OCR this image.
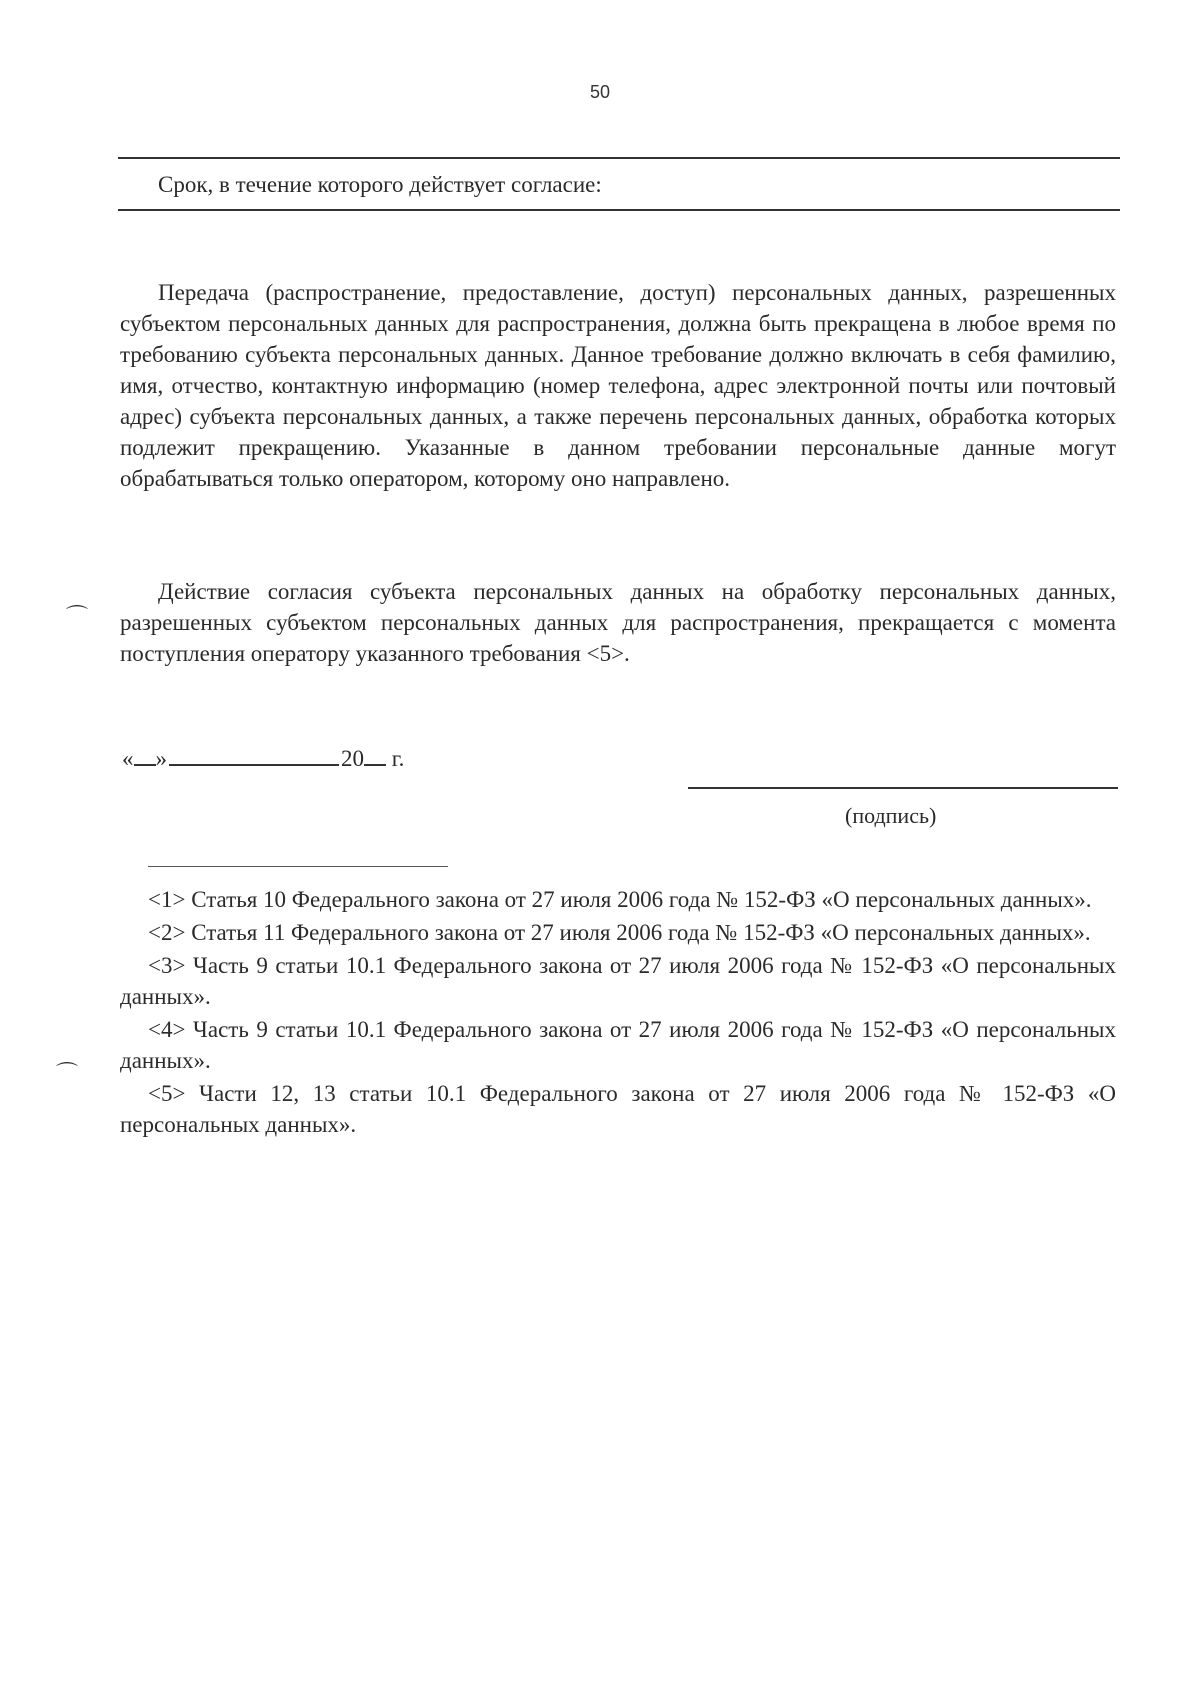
50
Срок, в течение которого действует согласие:

Передача (распространение, предоставление, доступ) персональных данных, разрешенных субъектом персональных данных для распространения, должна быть прекращена в любое время по требованию субъекта персональных данных. Данное требование должно включать в себя фамилию, имя, отчество, контактную информацию (номер телефона, адрес электронной почты или почтовый адрес) субъекта персональных данных, а также перечень персональных данных, обработка которых подлежит прекращению. Указанные в данном требовании персональные данные могут обрабатываться только оператором, которому оно направлено.

Действие согласия субъекта персональных данных на обработку персональных данных, разрешенных субъектом персональных данных для распространения, прекращается с момента поступления оператору указанного требования <5>.

⌒
⌒
« »	20 г.
(подпись)

<1> Статья 10 Федерального закона от 27 июля 2006 года № 152-ФЗ «О персональных данных».

<2> Статья 11 Федерального закона от 27 июля 2006 года № 152-ФЗ «О персональных данных».

<3> Часть 9 статьи 10.1 Федерального закона от 27 июля 2006 года № 152-ФЗ «О персональных данных».

<4> Часть 9 статьи 10.1 Федерального закона от 27 июля 2006 года № 152-ФЗ «О персональных данных».

<5> Части 12, 13 статьи 10.1 Федерального закона от 27 июля 2006 года № 152-ФЗ «О персональных данных».
